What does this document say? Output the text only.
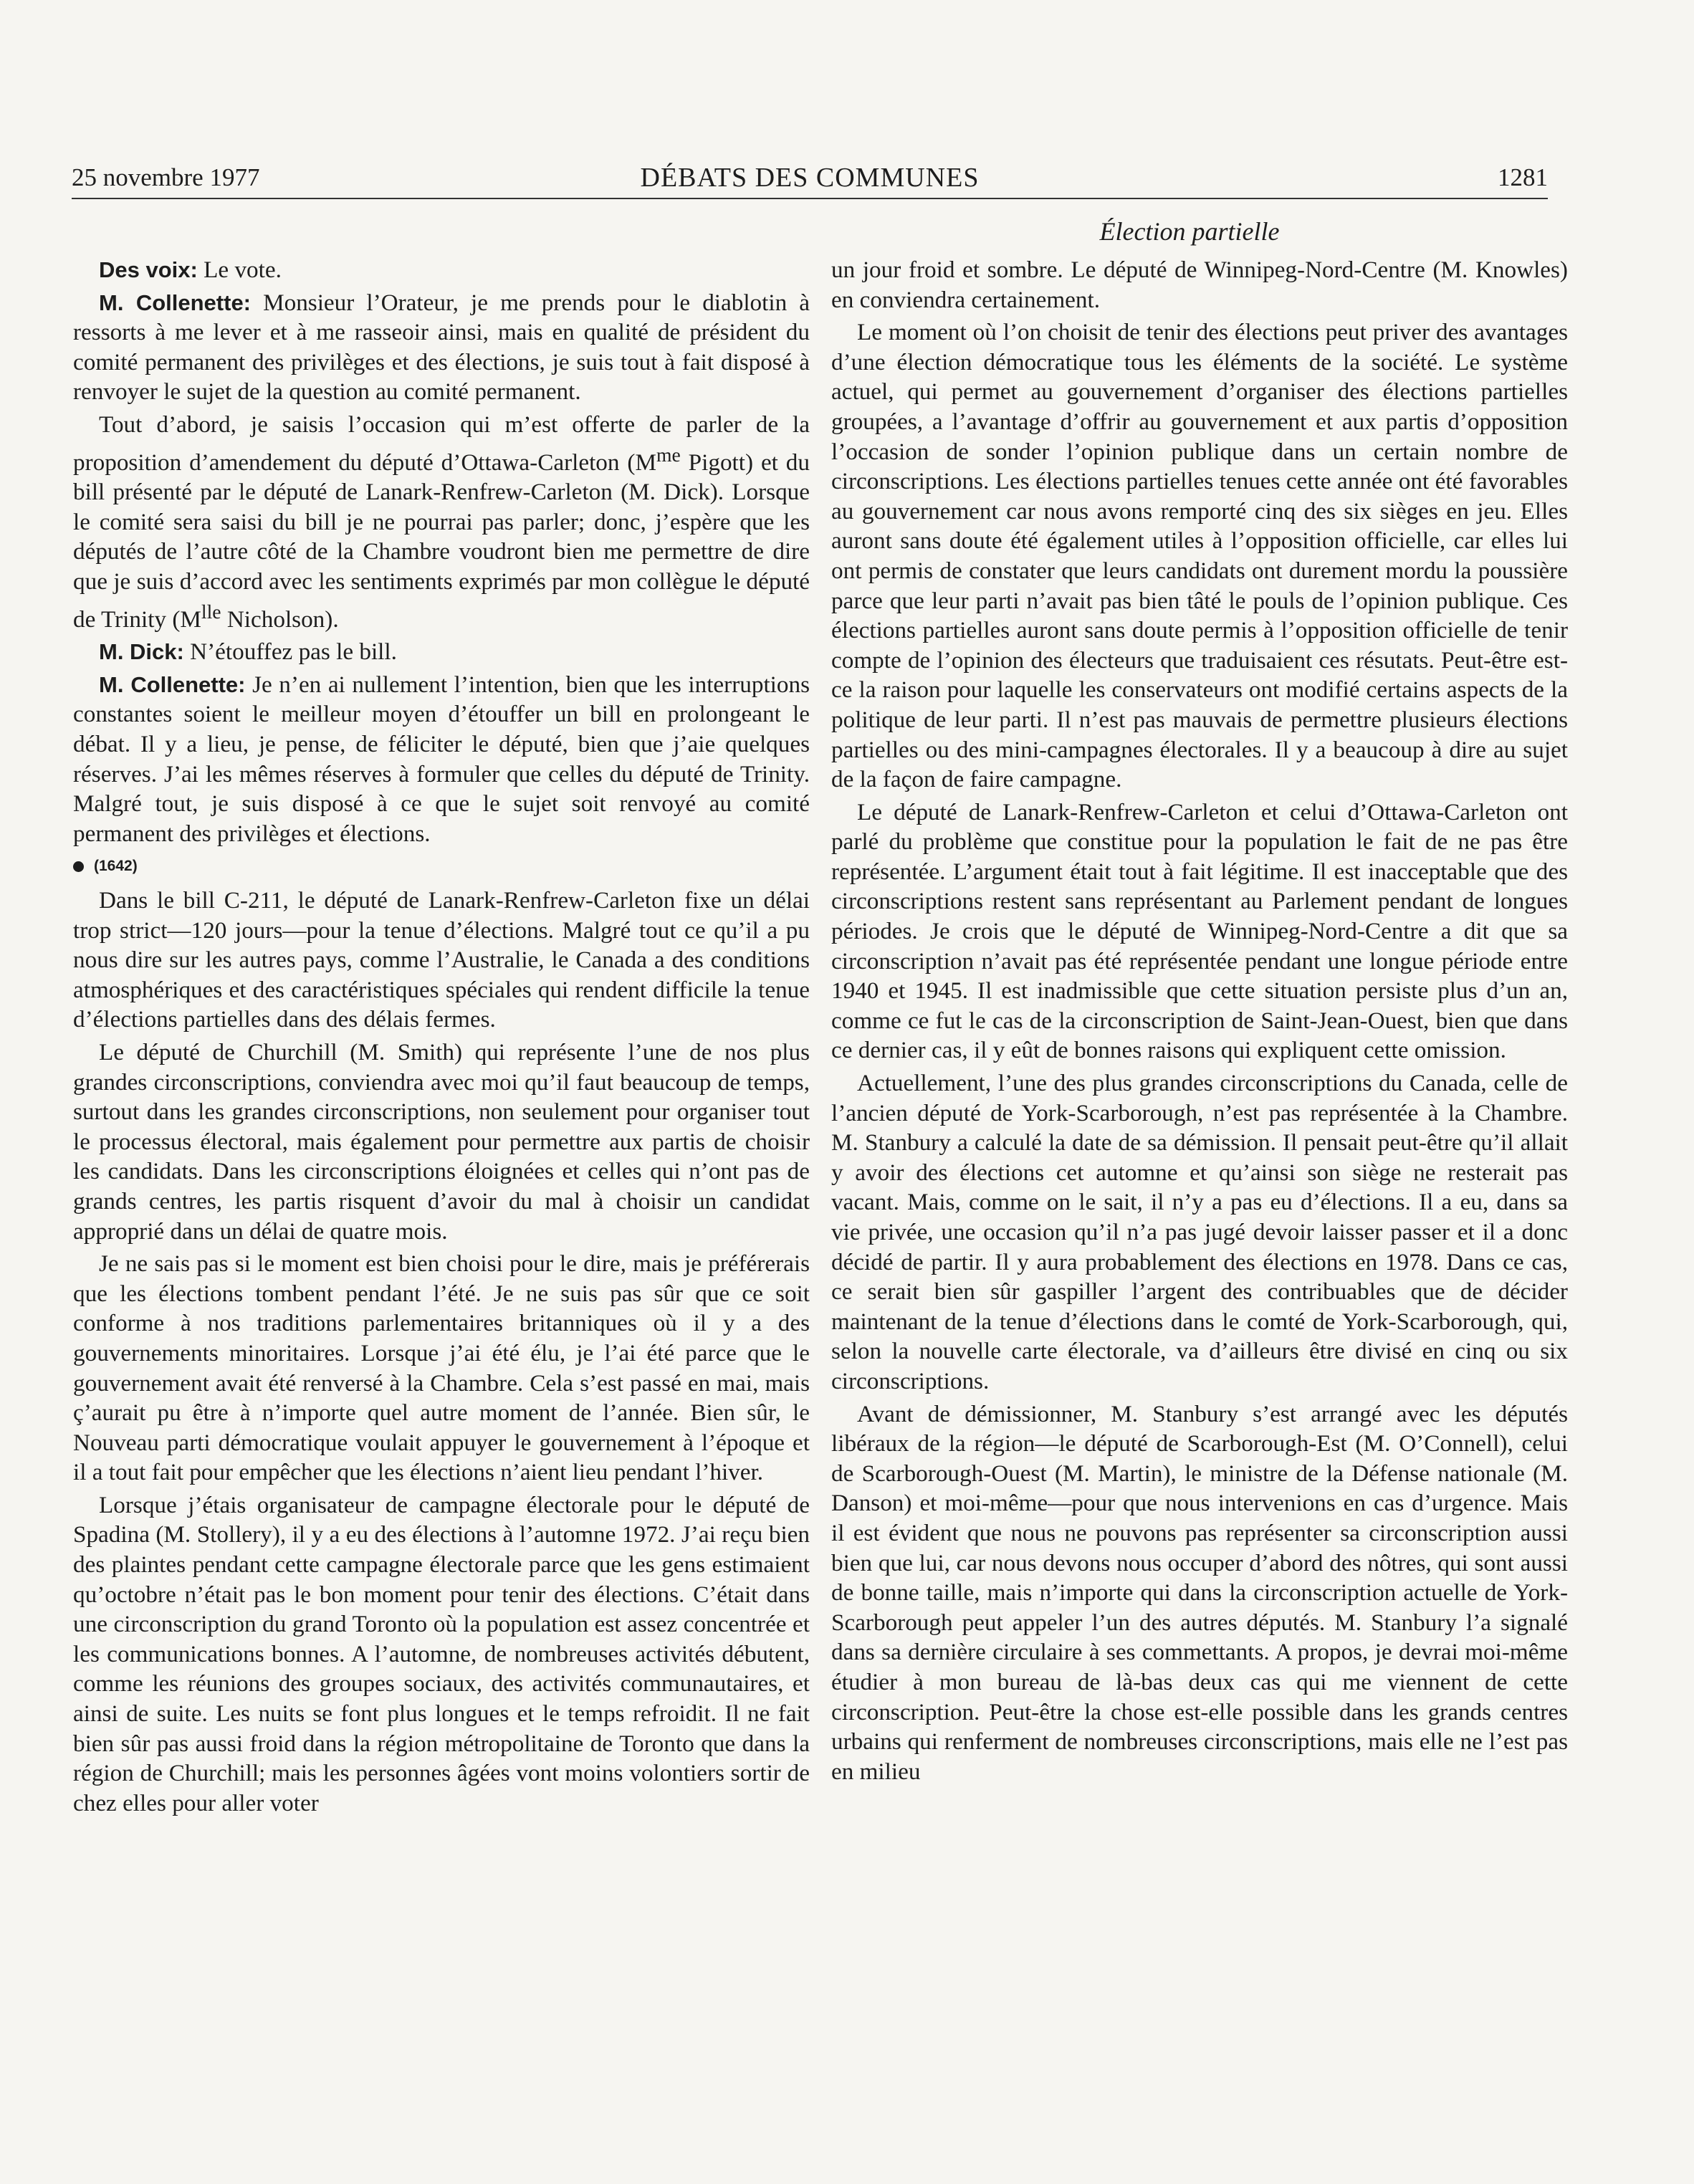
25 novembre 1977	DÉBATS DES COMMUNES	1281
Élection partielle

Des voix: Le vote.

M. Collenette: Monsieur l’Orateur, je me prends pour le diablotin à ressorts à me lever et à me rasseoir ainsi, mais en qualité de président du comité permanent des privilèges et des élections, je suis tout à fait disposé à renvoyer le sujet de la question au comité permanent.

Tout d’abord, je saisis l’occasion qui m’est offerte de parler de la proposition d’amendement du député d’Ottawa-Carleton ($M^{me}$ Pigott) et du bill présenté par le député de Lanark-Renfrew-Carleton (M. Dick). Lorsque le comité sera saisi du bill je ne pourrai pas parler; donc, j’espère que les députés de l’autre côté de la Chambre voudront bien me permettre de dire que je suis d’accord avec les sentiments exprimés par mon collègue le député de Trinity ($M^{lle}$ Nicholson).

M. Dick: N’étouffez pas le bill.

M. Collenette: Je n’en ai nullement l’intention, bien que les interruptions constantes soient le meilleur moyen d’étouffer un bill en prolongeant le débat. Il y a lieu, je pense, de féliciter le député, bien que j’aie quelques réserves. J’ai les mêmes réserves à formuler que celles du député de Trinity. Malgré tout, je suis disposé à ce que le sujet soit renvoyé au comité permanent des privilèges et élections.

(1642)

Dans le bill C-211, le député de Lanark-Renfrew-Carleton fixe un délai trop strict—120 jours—pour la tenue d’élections. Malgré tout ce qu’il a pu nous dire sur les autres pays, comme l’Australie, le Canada a des conditions atmosphériques et des caractéristiques spéciales qui rendent difficile la tenue d’élections partielles dans des délais fermes.

Le député de Churchill (M. Smith) qui représente l’une de nos plus grandes circonscriptions, conviendra avec moi qu’il faut beaucoup de temps, surtout dans les grandes circonscriptions, non seulement pour organiser tout le processus électoral, mais également pour permettre aux partis de choisir les candidats. Dans les circonscriptions éloignées et celles qui n’ont pas de grands centres, les partis risquent d’avoir du mal à choisir un candidat approprié dans un délai de quatre mois.

Je ne sais pas si le moment est bien choisi pour le dire, mais je préférerais que les élections tombent pendant l’été. Je ne suis pas sûr que ce soit conforme à nos traditions parlementaires britanniques où il y a des gouvernements minoritaires. Lorsque j’ai été élu, je l’ai été parce que le gouvernement avait été renversé à la Chambre. Cela s’est passé en mai, mais ç’aurait pu être à n’importe quel autre moment de l’année. Bien sûr, le Nouveau parti démocratique voulait appuyer le gouvernement à l’époque et il a tout fait pour empêcher que les élections n’aient lieu pendant l’hiver.

Lorsque j’étais organisateur de campagne électorale pour le député de Spadina (M. Stollery), il y a eu des élections à l’automne 1972. J’ai reçu bien des plaintes pendant cette campagne électorale parce que les gens estimaient qu’octobre n’était pas le bon moment pour tenir des élections. C’était dans une circonscription du grand Toronto où la population est assez concentrée et les communications bonnes. A l’automne, de nombreuses activités débutent, comme les réunions des groupes sociaux, des activités communautaires, et ainsi de suite. Les nuits se font plus longues et le temps refroidit. Il ne fait bien sûr pas aussi froid dans la région métropolitaine de Toronto que dans la région de Churchill; mais les personnes âgées vont moins volontiers sortir de chez elles pour aller voter

un jour froid et sombre. Le député de Winnipeg-Nord-Centre (M. Knowles) en conviendra certainement.

Le moment où l’on choisit de tenir des élections peut priver des avantages d’une élection démocratique tous les éléments de la société. Le système actuel, qui permet au gouvernement d’organiser des élections partielles groupées, a l’avantage d’offrir au gouvernement et aux partis d’opposition l’occasion de sonder l’opinion publique dans un certain nombre de circonscriptions. Les élections partielles tenues cette année ont été favorables au gouvernement car nous avons remporté cinq des six sièges en jeu. Elles auront sans doute été également utiles à l’opposition officielle, car elles lui ont permis de constater que leurs candidats ont durement mordu la poussière parce que leur parti n’avait pas bien tâté le pouls de l’opinion publique. Ces élections partielles auront sans doute permis à l’opposition officielle de tenir compte de l’opinion des électeurs que traduisaient ces résutats. Peut-être est-ce la raison pour laquelle les conservateurs ont modifié certains aspects de la politique de leur parti. Il n’est pas mauvais de permettre plusieurs élections partielles ou des mini-campagnes électorales. Il y a beaucoup à dire au sujet de la façon de faire campagne.

Le député de Lanark-Renfrew-Carleton et celui d’Ottawa-Carleton ont parlé du problème que constitue pour la population le fait de ne pas être représentée. L’argument était tout à fait légitime. Il est inacceptable que des circonscriptions restent sans représentant au Parlement pendant de longues périodes. Je crois que le député de Winnipeg-Nord-Centre a dit que sa circonscription n’avait pas été représentée pendant une longue période entre 1940 et 1945. Il est inadmissible que cette situation persiste plus d’un an, comme ce fut le cas de la circonscription de Saint-Jean-Ouest, bien que dans ce dernier cas, il y eût de bonnes raisons qui expliquent cette omission.

Actuellement, l’une des plus grandes circonscriptions du Canada, celle de l’ancien député de York-Scarborough, n’est pas représentée à la Chambre. M. Stanbury a calculé la date de sa démission. Il pensait peut-être qu’il allait y avoir des élections cet automne et qu’ainsi son siège ne resterait pas vacant. Mais, comme on le sait, il n’y a pas eu d’élections. Il a eu, dans sa vie privée, une occasion qu’il n’a pas jugé devoir laisser passer et il a donc décidé de partir. Il y aura probablement des élections en 1978. Dans ce cas, ce serait bien sûr gaspiller l’argent des contribuables que de décider maintenant de la tenue d’élections dans le comté de York-Scarborough, qui, selon la nouvelle carte électorale, va d’ailleurs être divisé en cinq ou six circonscriptions.

Avant de démissionner, M. Stanbury s’est arrangé avec les députés libéraux de la région—le député de Scarborough-Est (M. O’Connell), celui de Scarborough-Ouest (M. Martin), le ministre de la Défense nationale (M. Danson) et moi-même—pour que nous intervenions en cas d’urgence. Mais il est évident que nous ne pouvons pas représenter sa circonscription aussi bien que lui, car nous devons nous occuper d’abord des nôtres, qui sont aussi de bonne taille, mais n’importe qui dans la circonscription actuelle de York-Scarborough peut appeler l’un des autres députés. M. Stanbury l’a signalé dans sa dernière circulaire à ses commettants. A propos, je devrai moi-même étudier à mon bureau de là-bas deux cas qui me viennent de cette circonscription. Peut-être la chose est-elle possible dans les grands centres urbains qui renferment de nombreuses circonscriptions, mais elle ne l’est pas en milieu
